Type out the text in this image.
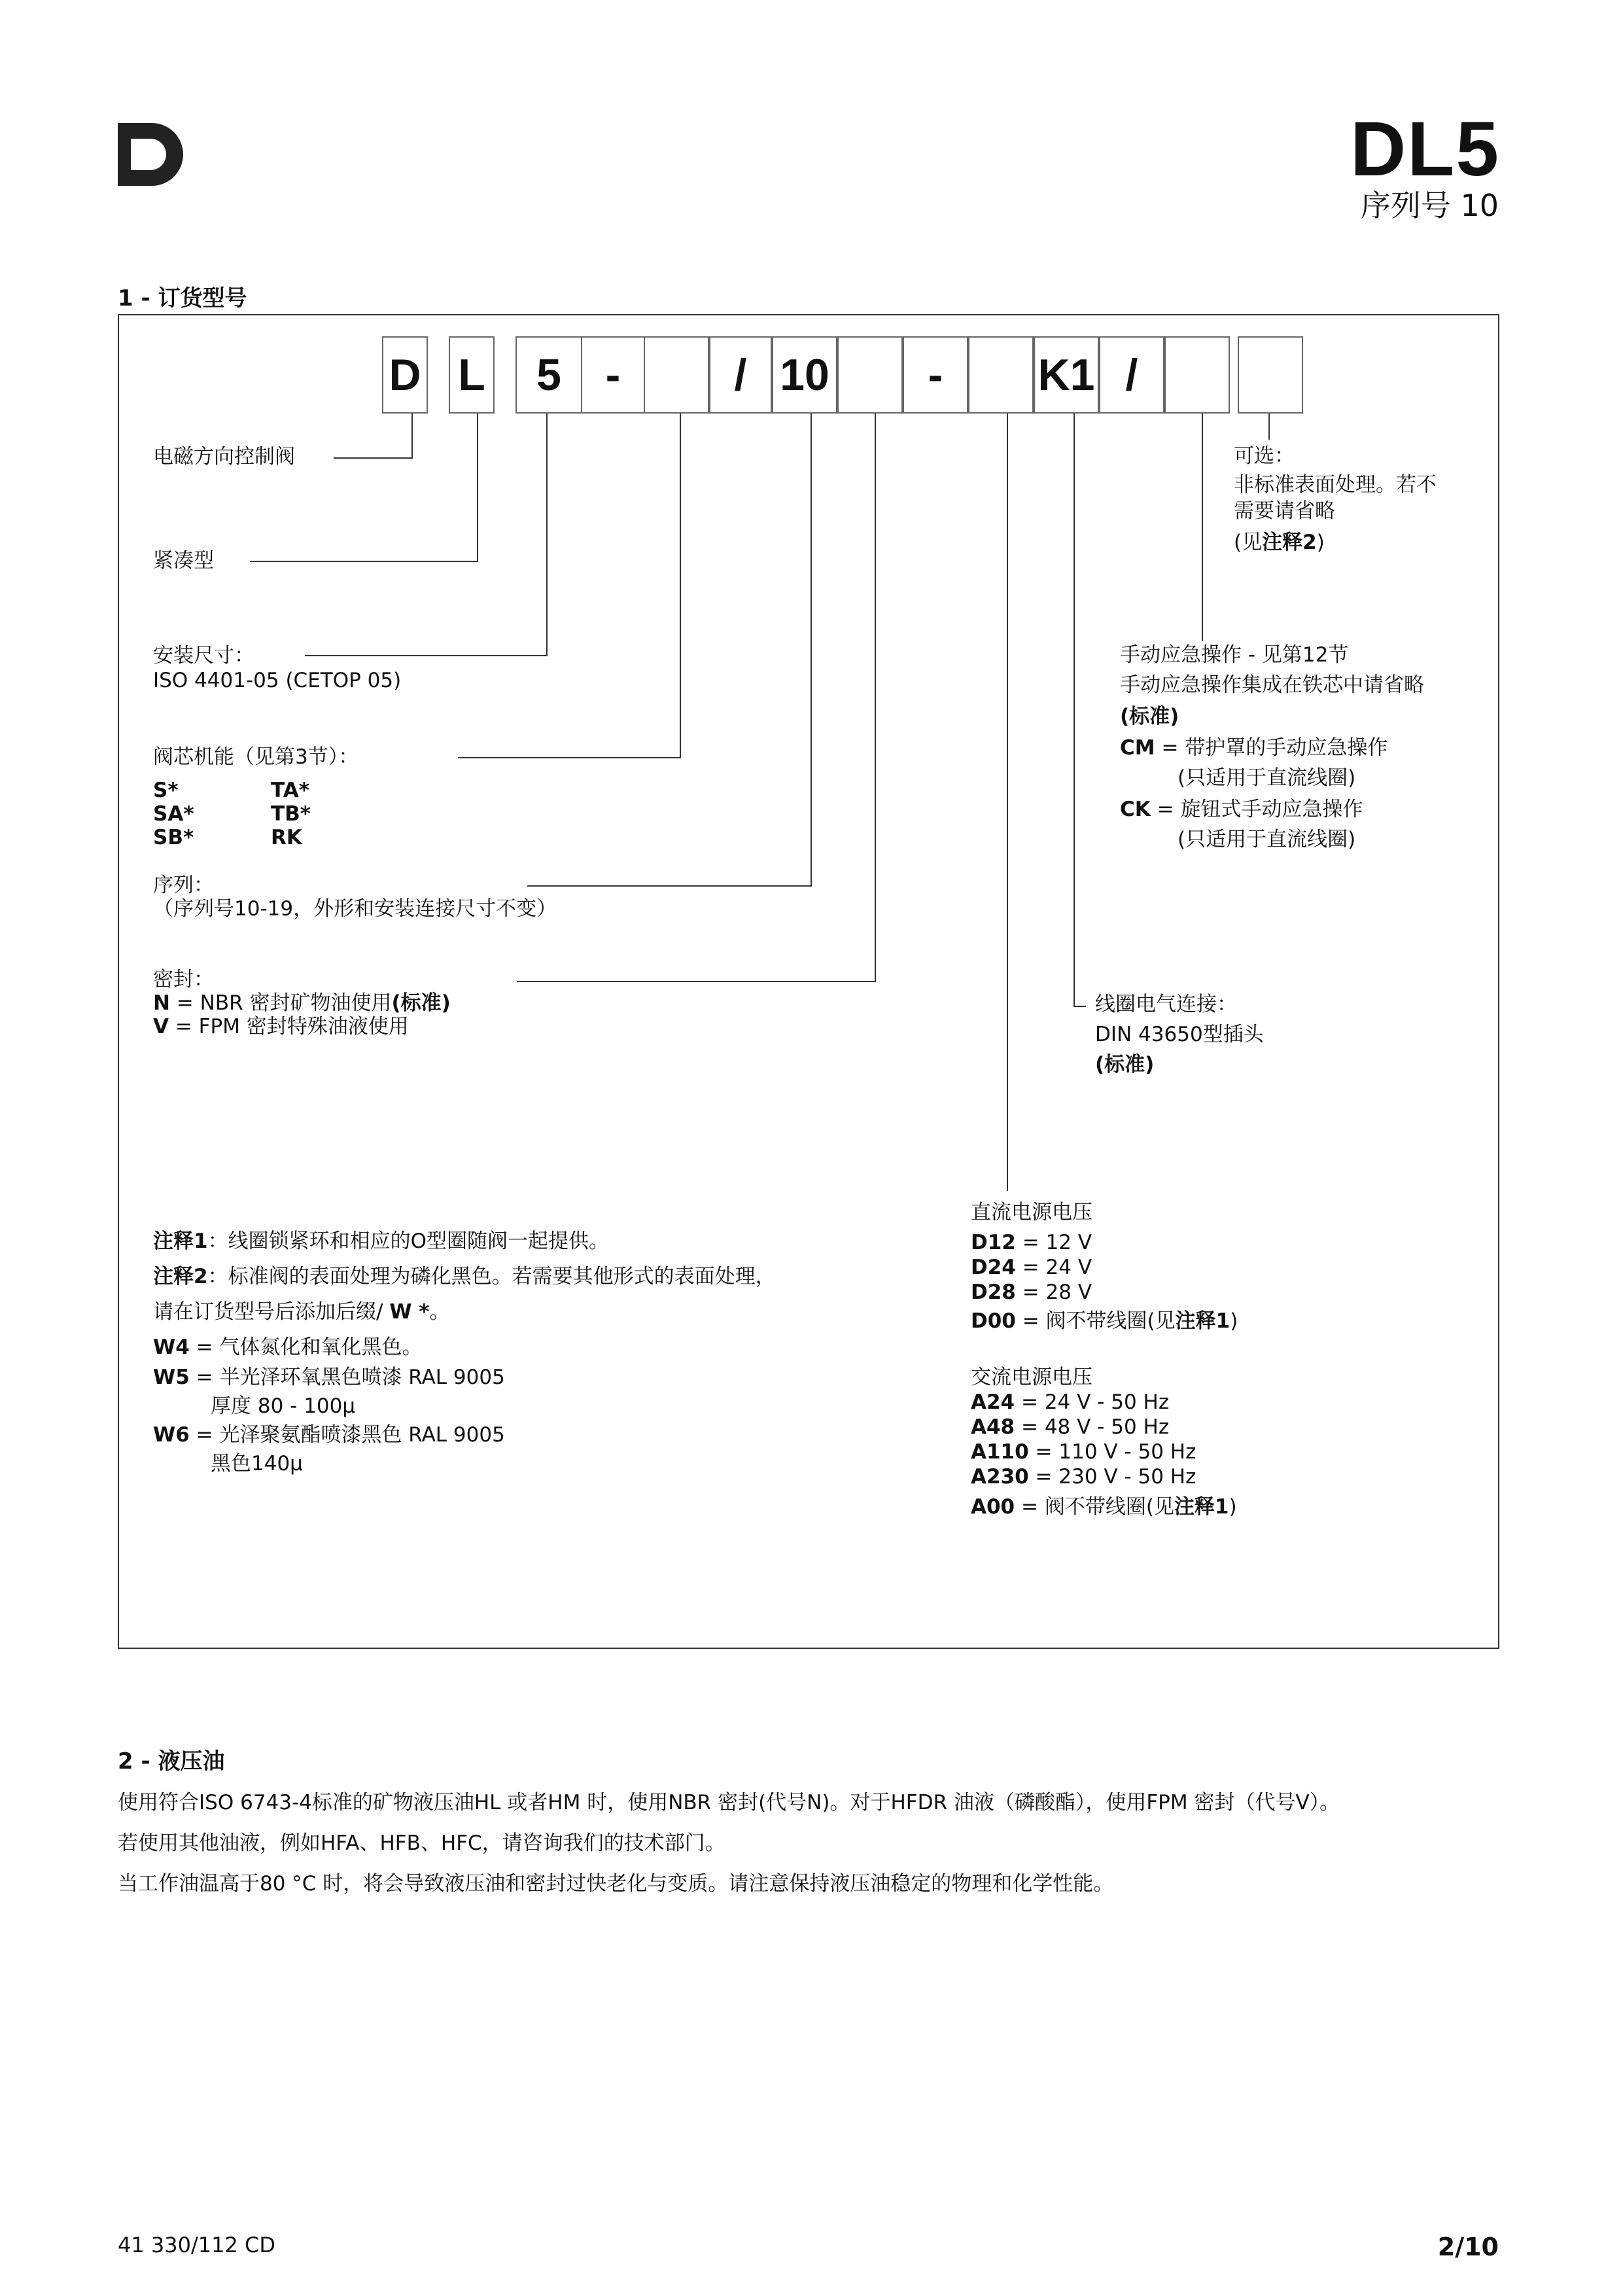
DL5
序列号 10
1 - 订货型号
D L	5 -	/ 10	-	K1 /
电磁方向控制阀
紧凑型
安装尺寸：
ISO 4401-05 (CETOP 05)
阀芯机能（见第3节）：
S*	TA*
SA*	TB*
SB*	RK
序列：
（序列号10-19，外形和安装连接尺寸不变）
密封：
N = NBR 密封矿物油使用(标准)
V = FPM 密封特殊油液使用
可选：
非标准表面处理。若不
需要请省略
(见注释2)
手动应急操作 - 见第12节
手动应急操作集成在铁芯中请省略
(标准)
CM = 带护罩的手动应急操作
(只适用于直流线圈)
CK = 旋钮式手动应急操作
(只适用于直流线圈)
线圈电气连接：
DIN 43650型插头
(标准)
直流电源电压
D12 = 12 V
D24 = 24 V
D28 = 28 V
D00 = 阀不带线圈(见注释1)
交流电源电压
A24 = 24 V - 50 Hz
A48 = 48 V - 50 Hz
A110 = 110 V - 50 Hz
A230 = 230 V - 50 Hz
A00 = 阀不带线圈(见注释1)
注释1：线圈锁紧环和相应的O型圈随阀一起提供。
注释2：标准阀的表面处理为磷化黑色。若需要其他形式的表面处理，
请在订货型号后添加后缀/ W *。
W4 = 气体氮化和氧化黑色。
W5 = 半光泽环氧黑色喷漆 RAL 9005
厚度 80 - 100μ
W6 = 光泽聚氨酯喷漆黑色 RAL 9005
黑色140μ
2 - 液压油
使用符合ISO 6743-4标准的矿物液压油HL 或者HM 时，使用NBR 密封(代号N)。对于HFDR 油液（磷酸酯），使用FPM 密封（代号V）。
若使用其他油液，例如HFA、HFB、HFC，请咨询我们的技术部门。
当工作油温高于80 °C 时，将会导致液压油和密封过快老化与变质。请注意保持液压油稳定的物理和化学性能。
41 330/112 CD	2/10
